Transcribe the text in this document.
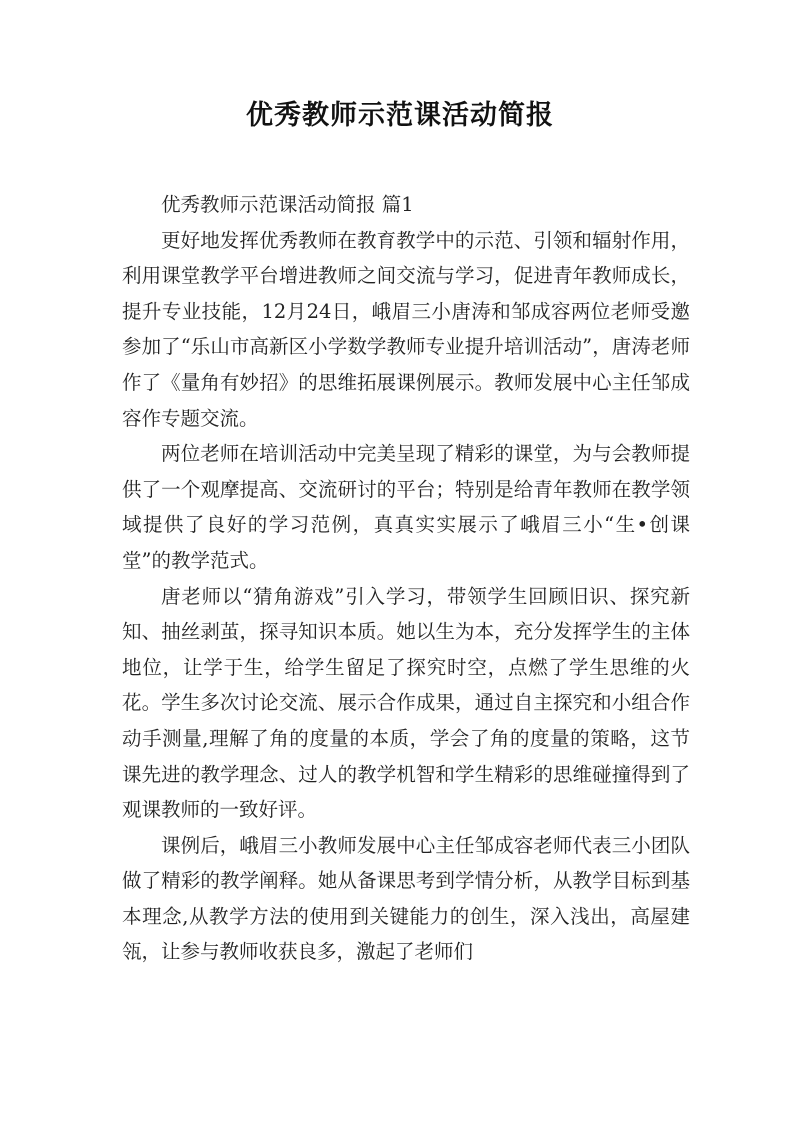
优秀教师示范课活动简报

优秀教师示范课活动简报 篇1

更好地发挥优秀教师在教育教学中的示范、引领和辐射作用，利用课堂教学平台增进教师之间交流与学习，促进青年教师成长，提升专业技能，12月24日，峨眉三小唐涛和邹成容两位老师受邀参加了“乐山市高新区小学数学教师专业提升培训活动”，唐涛老师作了《量角有妙招》的思维拓展课例展示。教师发展中心主任邹成容作专题交流。

两位老师在培训活动中完美呈现了精彩的课堂，为与会教师提供了一个观摩提高、交流研讨的平台；特别是给青年教师在教学领域提供了良好的学习范例，真真实实展示了峨眉三小“生•创课堂”的教学范式。

唐老师以“猜角游戏”引入学习，带领学生回顾旧识、探究新知、抽丝剥茧，探寻知识本质。她以生为本，充分发挥学生的主体地位，让学于生，给学生留足了探究时空，点燃了学生思维的火花。学生多次讨论交流、展示合作成果，通过自主探究和小组合作动手测量,理解了角的度量的本质，学会了角的度量的策略，这节课先进的教学理念、过人的教学机智和学生精彩的思维碰撞得到了观课教师的一致好评。

课例后，峨眉三小教师发展中心主任邹成容老师代表三小团队做了精彩的教学阐释。她从备课思考到学情分析，从教学目标到基本理念,从教学方法的使用到关键能力的创生，深入浅出，高屋建瓴，让参与教师收获良多，激起了老师们
